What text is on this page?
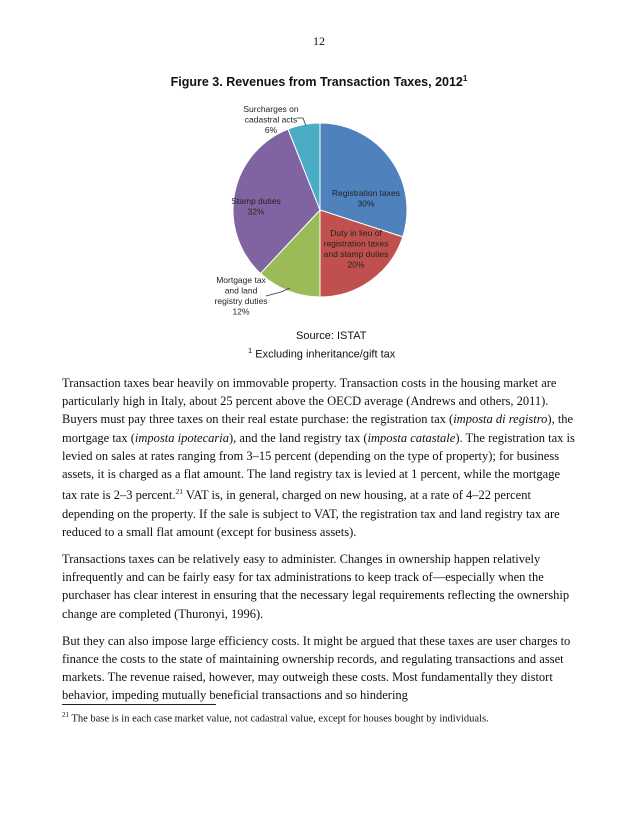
12
Figure 3. Revenues from Transaction Taxes, 2012$^1$
Registration taxes 30%
Duty in lieu of registration taxes and stamp duties 20%
Mortgage tax and land registry duties 12%
Stamp duties 32%
Surcharges on cadastral acts 6%
Source: ISTAT
$^1$ Excluding inheritance/gift tax

Transaction taxes bear heavily on immovable property. Transaction costs in the housing market are particularly high in Italy, about 25 percent above the OECD average (Andrews and others, 2011). Buyers must pay three taxes on their real estate purchase: the registration tax (imposta di registro), the mortgage tax (imposta ipotecaria), and the land registry tax (imposta catastale). The registration tax is levied on sales at rates ranging from 3–15 percent (depending on the type of property); for business assets, it is charged as a flat amount. The land registry tax is levied at 1 percent, while the mortgage tax rate is 2–3 percent.$^{21}$ VAT is, in general, charged on new housing, at a rate of 4–22 percent depending on the property. If the sale is subject to VAT, the registration tax and land registry tax are reduced to a small flat amount (except for business assets).

Transactions taxes can be relatively easy to administer. Changes in ownership happen relatively infrequently and can be fairly easy for tax administrations to keep track of—especially when the purchaser has clear interest in ensuring that the necessary legal requirements reflecting the ownership change are completed (Thuronyi, 1996).

But they can also impose large efficiency costs. It might be argued that these taxes are user charges to finance the costs to the state of maintaining ownership records, and regulating transactions and asset markets. The revenue raised, however, may outweigh these costs. Most fundamentally they distort behavior, impeding mutually beneficial transactions and so hindering

$^{21}$ The base is in each case market value, not cadastral value, except for houses bought by individuals.
